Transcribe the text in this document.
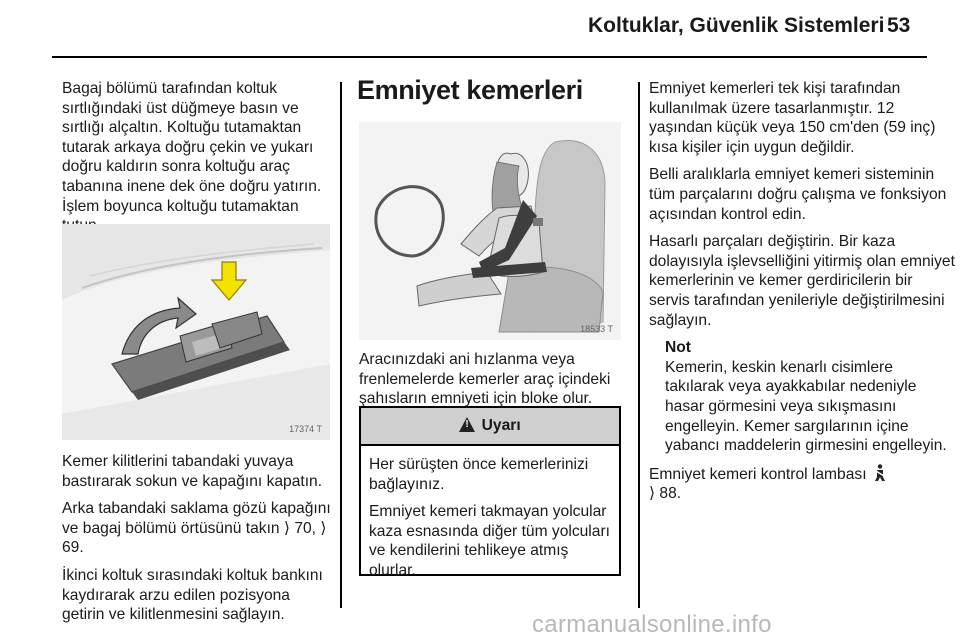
Koltuklar, Güvenlik Sistemleri 53

Bagaj bölümü tarafından koltuk sırtlığındaki üst düğmeye basın ve sırtlığı alçaltın. Koltuğu tutamaktan tutarak arkaya doğru çekin ve yukarı doğru kaldırın sonra koltuğu araç tabanına inene dek öne doğru yatırın. İşlem boyunca koltuğu tutamaktan

17374 T

Kemer kilitlerini tabandaki yuvaya bastırarak sokun ve kapağını kapatın.

Arka tabandaki saklama gözü kapağını ve bagaj bölümü örtüsünü takın ⟩ 70, ⟩ 69.

İkinci koltuk sırasındaki koltuk bankını kaydırarak arzu edilen pozisyona getirin ve kilitlenmesini sağlayın.

Emniyet kemerleri
18533 T

Aracınızdaki ani hızlanma veya frenlemelerde kemerler araç içindeki şahısların emniyeti için bloke olur.

! Uyarı

Her sürüşten önce kemerlerinizi bağlayınız.

Emniyet kemeri takmayan yolcular kaza esnasında diğer tüm yolcuları ve kendilerini tehlikeye atmış olurlar.

Emniyet kemerleri tek kişi tarafından kullanılmak üzere tasarlanmıştır. 12 yaşından küçük veya 150 cm'den (59 inç) kısa kişiler için uygun değildir.

Belli aralıklarla emniyet kemeri sisteminin tüm parçalarını doğru çalışma ve fonksiyon açısından kontrol edin.

Hasarlı parçaları değiştirin. Bir kaza dolayısıyla işlevselliğini yitirmiş olan emniyet kemerlerinin ve kemer gerdiricilerin bir servis tarafından yenileriyle değiştirilmesini sağlayın.

Not
Kemerin, keskin kenarlı cisimlere takılarak veya ayakkabılar nedeniyle hasar görmesini veya sıkışmasını engelleyin. Kemer sargılarının içine yabancı maddelerin girmesini engelleyin.

Emniyet kemeri kontrol lambası
⟩ 88.

carmanualsonline.info
